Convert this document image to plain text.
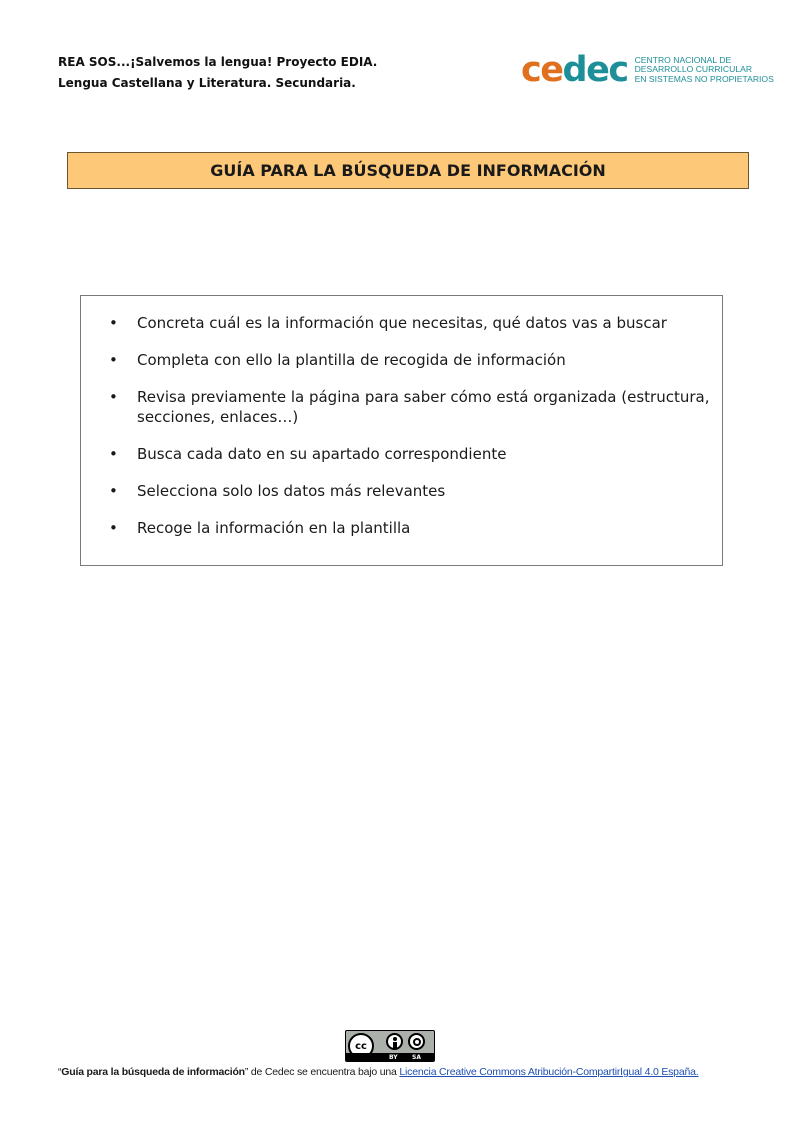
REA SOS...¡Salvemos la lengua! Proyecto EDIA.
Lengua Castellana y Literatura. Secundaria.	cedec CENTRO NACIONAL DE
DESARROLLO CURRICULAR
EN SISTEMAS NO PROPIETARIOS
GUÍA PARA LA BÚSQUEDA DE INFORMACIÓN
• Concreta cuál es la información que necesitas, qué datos vas a buscar
• Completa con ello la plantilla de recogida de información
• Revisa previamente la página para saber cómo está organizada (estructura, secciones, enlaces…)
• Busca cada dato en su apartado correspondiente
• Selecciona solo los datos más relevantes
• Recoge la información en la plantilla
cc
BY SA
“Guía para la búsqueda de información” de Cedec se encuentra bajo una Licencia Creative Commons Atribución-CompartirIgual 4.0 España.
